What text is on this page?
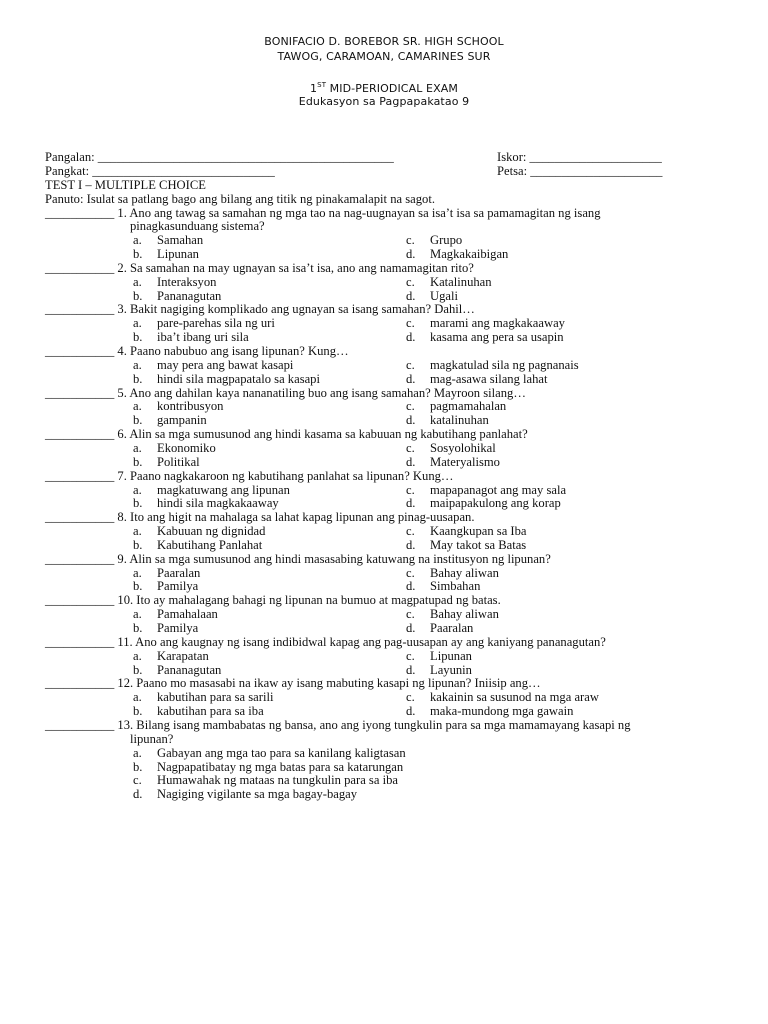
BONIFACIO D. BOREBOR SR. HIGH SCHOOL
TAWOG, CARAMOAN, CAMARINES SUR
1ST MID-PERIODICAL EXAM
Edukasyon sa Pagpapakatao 9
Pangalan: _______________________________________________	Iskor: _____________________
Pangkat: _____________________________	Petsa: _____________________
TEST I – MULTIPLE CHOICE
Panuto: Isulat sa patlang bago ang bilang ang titik ng pinakamalapit na sagot.
___________ 1. Ano ang tawag sa samahan ng mga tao na nag-uugnayan sa isa’t isa sa pamamagitan ng isang
pinagkasunduang sistema?
a. Samahan	c. Grupo
b. Lipunan	d. Magkakaibigan
___________ 2. Sa samahan na may ugnayan sa isa’t isa, ano ang namamagitan rito?
a. Interaksyon	c. Katalinuhan
b. Pananagutan	d. Ugali
___________ 3. Bakit nagiging komplikado ang ugnayan sa isang samahan? Dahil…
a. pare-parehas sila ng uri	c. marami ang magkakaaway
b. iba’t ibang uri sila	d. kasama ang pera sa usapin
___________ 4. Paano nabubuo ang isang lipunan? Kung…
a. may pera ang bawat kasapi	c. magkatulad sila ng pagnanais
b. hindi sila magpapatalo sa kasapi	d. mag-asawa silang lahat
___________ 5. Ano ang dahilan kaya nananatiling buo ang isang samahan? Mayroon silang…
a. kontribusyon	c. pagmamahalan
b. gampanin	d. katalinuhan
___________ 6. Alin sa mga sumusunod ang hindi kasama sa kabuuan ng kabutihang panlahat?
a. Ekonomiko	c. Sosyolohikal
b. Politikal	d. Materyalismo
___________ 7. Paano nagkakaroon ng kabutihang panlahat sa lipunan? Kung…
a. magkatuwang ang lipunan	c. mapapanagot ang may sala
b. hindi sila magkakaaway	d. maipapakulong ang korap
___________ 8. Ito ang higit na mahalaga sa lahat kapag lipunan ang pinag-uusapan.
a. Kabuuan ng dignidad	c. Kaangkupan sa Iba
b. Kabutihang Panlahat	d. May takot sa Batas
___________ 9. Alin sa mga sumusunod ang hindi masasabing katuwang na institusyon ng lipunan?
a. Paaralan	c. Bahay aliwan
b. Pamilya	d. Simbahan
___________ 10. Ito ay mahalagang bahagi ng lipunan na bumuo at magpatupad ng batas.
a. Pamahalaan	c. Bahay aliwan
b. Pamilya	d. Paaralan
___________ 11. Ano ang kaugnay ng isang indibidwal kapag ang pag-uusapan ay ang kaniyang pananagutan?
a. Karapatan	c. Lipunan
b. Pananagutan	d. Layunin
___________ 12. Paano mo masasabi na ikaw ay isang mabuting kasapi ng lipunan? Iniisip ang…
a. kabutihan para sa sarili	c. kakainin sa susunod na mga araw
b. kabutihan para sa iba	d. maka-mundong mga gawain
___________ 13. Bilang isang mambabatas ng bansa, ano ang iyong tungkulin para sa mga mamamayang kasapi ng
lipunan?
a. Gabayan ang mga tao para sa kanilang kaligtasan
b. Nagpapatibatay ng mga batas para sa katarungan
c. Humawahak ng mataas na tungkulin para sa iba
d. Nagiging vigilante sa mga bagay-bagay
